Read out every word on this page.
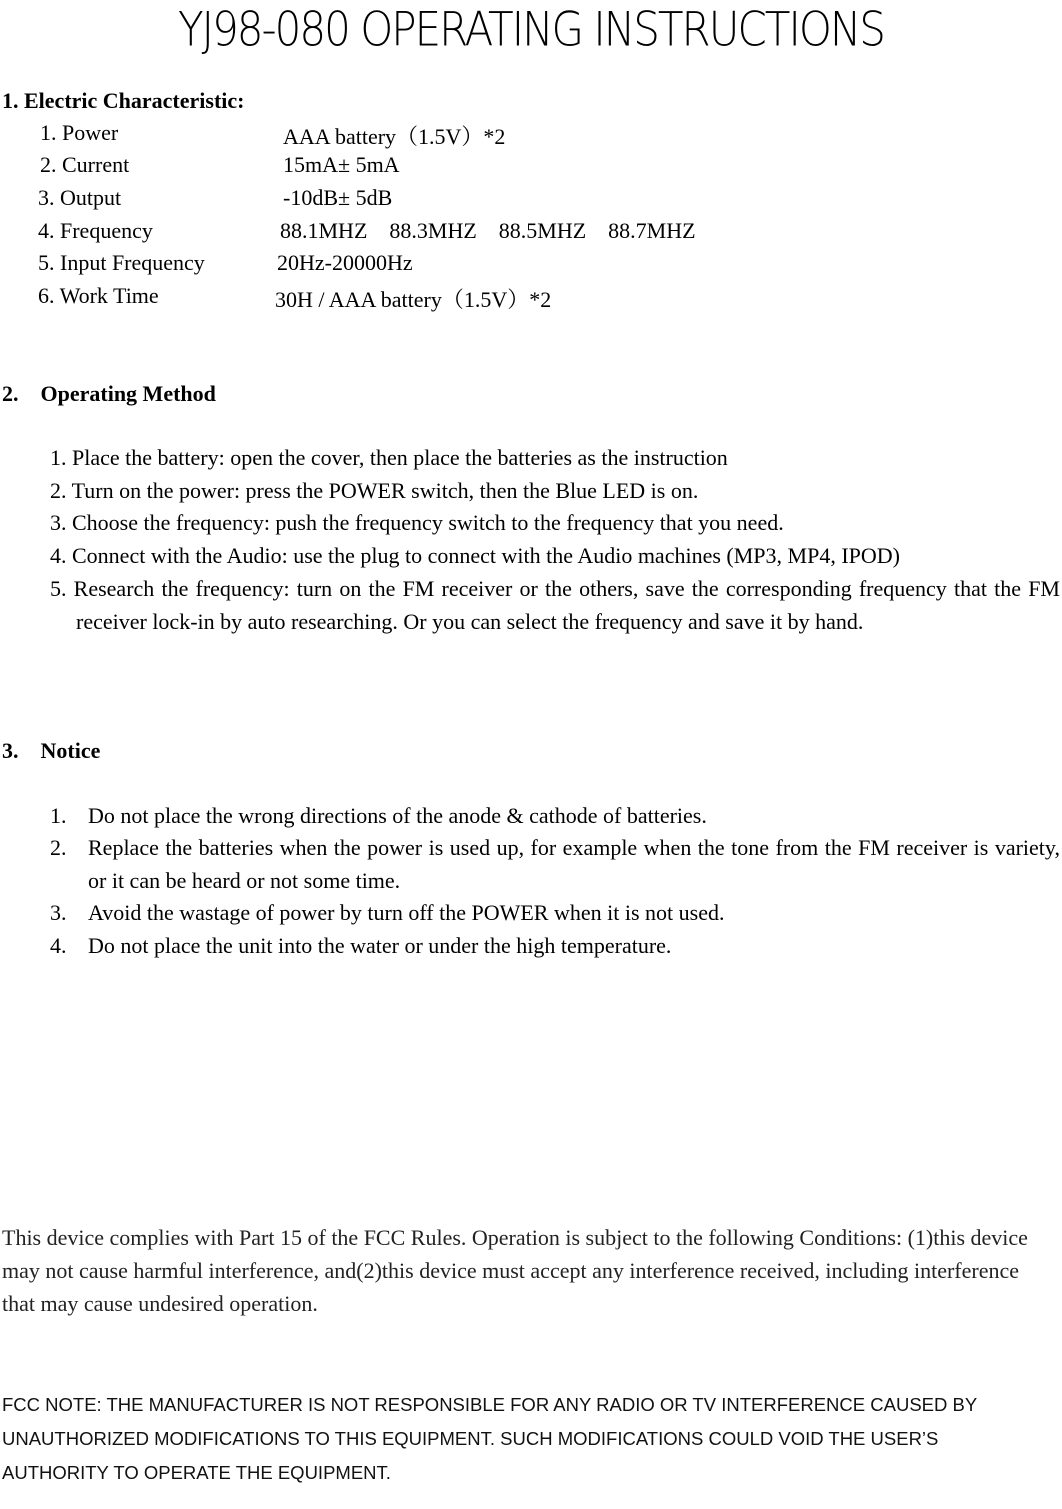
YJ98-080 OPERATING INSTRUCTIONS
1. Electric Characteristic:
1. Power	AAA battery（1.5V）*2
2. Current	15mA± 5mA
3. Output	-10dB± 5dB
4. Frequency	88.1MHZ    88.3MHZ    88.5MHZ    88.7MHZ
5. Input Frequency	20Hz-20000Hz
6. Work Time	30H / AAA battery（1.5V）*2
2.    Operating Method
1. Place the battery: open the cover, then place the batteries as the instruction
2. Turn on the power: press the POWER switch, then the Blue LED is on.
3. Choose the frequency: push the frequency switch to the frequency that you need.
4. Connect with the Audio: use the plug to connect with the Audio machines (MP3, MP4, IPOD)
5. Research the frequency: turn on the FM receiver or the others, save the corresponding frequency that the FM receiver lock-in by auto researching. Or you can select the frequency and save it by hand.
3.    Notice
1. Do not place the wrong directions of the anode & cathode of batteries.
2. Replace the batteries when the power is used up, for example when the tone from the FM receiver is variety, or it can be heard or not some time.
3. Avoid the wastage of power by turn off the POWER when it is not used.
4. Do not place the unit into the water or under the high temperature.
This device complies with Part 15 of the FCC Rules. Operation is subject to the following Conditions: (1)this device may not cause harmful interference, and(2)this device must accept any interference received, including interference that may cause undesired operation.
FCC NOTE: THE MANUFACTURER IS NOT RESPONSIBLE FOR ANY RADIO OR TV INTERFERENCE CAUSED BY UNAUTHORIZED MODIFICATIONS TO THIS EQUIPMENT. SUCH MODIFICATIONS COULD VOID THE USER’S AUTHORITY TO OPERATE THE EQUIPMENT.
